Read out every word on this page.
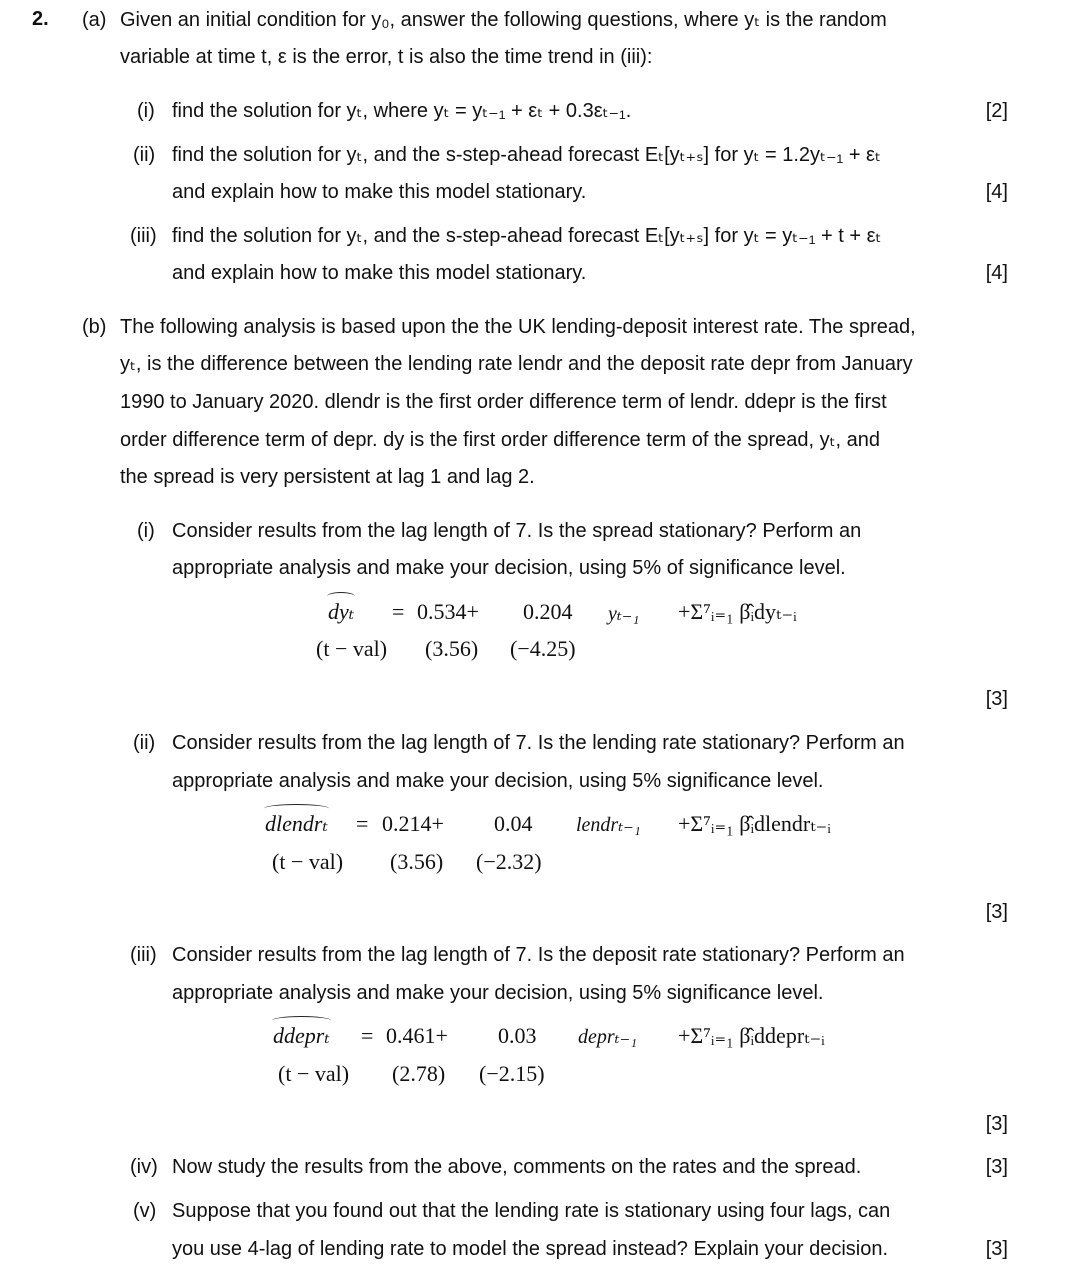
2. (a) Given an initial condition for y₀, answer the following questions, where yₜ is the random
variable at time t, ε is the error, t is also the time trend in (iii):
(i) find the solution for yₜ, where yₜ = yₜ₋₁ + εₜ + 0.3εₜ₋₁.	[2]
(ii) find the solution for yₜ, and the s-step-ahead forecast Eₜ[yₜ₊ₛ] for yₜ = 1.2yₜ₋₁ + εₜ
and explain how to make this model stationary.	[4]
(iii) find the solution for yₜ, and the s-step-ahead forecast Eₜ[yₜ₊ₛ] for yₜ = yₜ₋₁ + t + εₜ
and explain how to make this model stationary.	[4]
(b) The following analysis is based upon the the UK lending-deposit interest rate. The spread,
yₜ, is the difference between the lending rate lendr and the deposit rate depr from January
1990 to January 2020. dlendr is the first order difference term of lendr. ddepr is the first
order difference term of depr. dy is the first order difference term of the spread, yₜ, and
the spread is very persistent at lag 1 and lag 2.
(i) Consider results from the lag length of 7. Is the spread stationary? Perform an
appropriate analysis and make your decision, using 5% of significance level.
dyₜ = 0.534+ 0.204 yₜ₋₁ +Σ⁷ᵢ₌₁ β̂ᵢdyₜ₋ᵢ
(t − val) (3.56) (−4.25)
[3]
(ii) Consider results from the lag length of 7. Is the lending rate stationary? Perform an
appropriate analysis and make your decision, using 5% significance level.
dlendrₜ = 0.214+ 0.04 lendrₜ₋₁ +Σ⁷ᵢ₌₁ β̂ᵢdlendrₜ₋ᵢ
(t − val) (3.56) (−2.32)
[3]
(iii) Consider results from the lag length of 7. Is the deposit rate stationary? Perform an
appropriate analysis and make your decision, using 5% significance level.
ddeprₜ = 0.461+ 0.03 deprₜ₋₁ +Σ⁷ᵢ₌₁ β̂ᵢddeprₜ₋ᵢ
(t − val) (2.78) (−2.15)
[3]
(iv) Now study the results from the above, comments on the rates and the spread.	[3]
(v) Suppose that you found out that the lending rate is stationary using four lags, can
you use 4-lag of lending rate to model the spread instead? Explain your decision.	[3]
